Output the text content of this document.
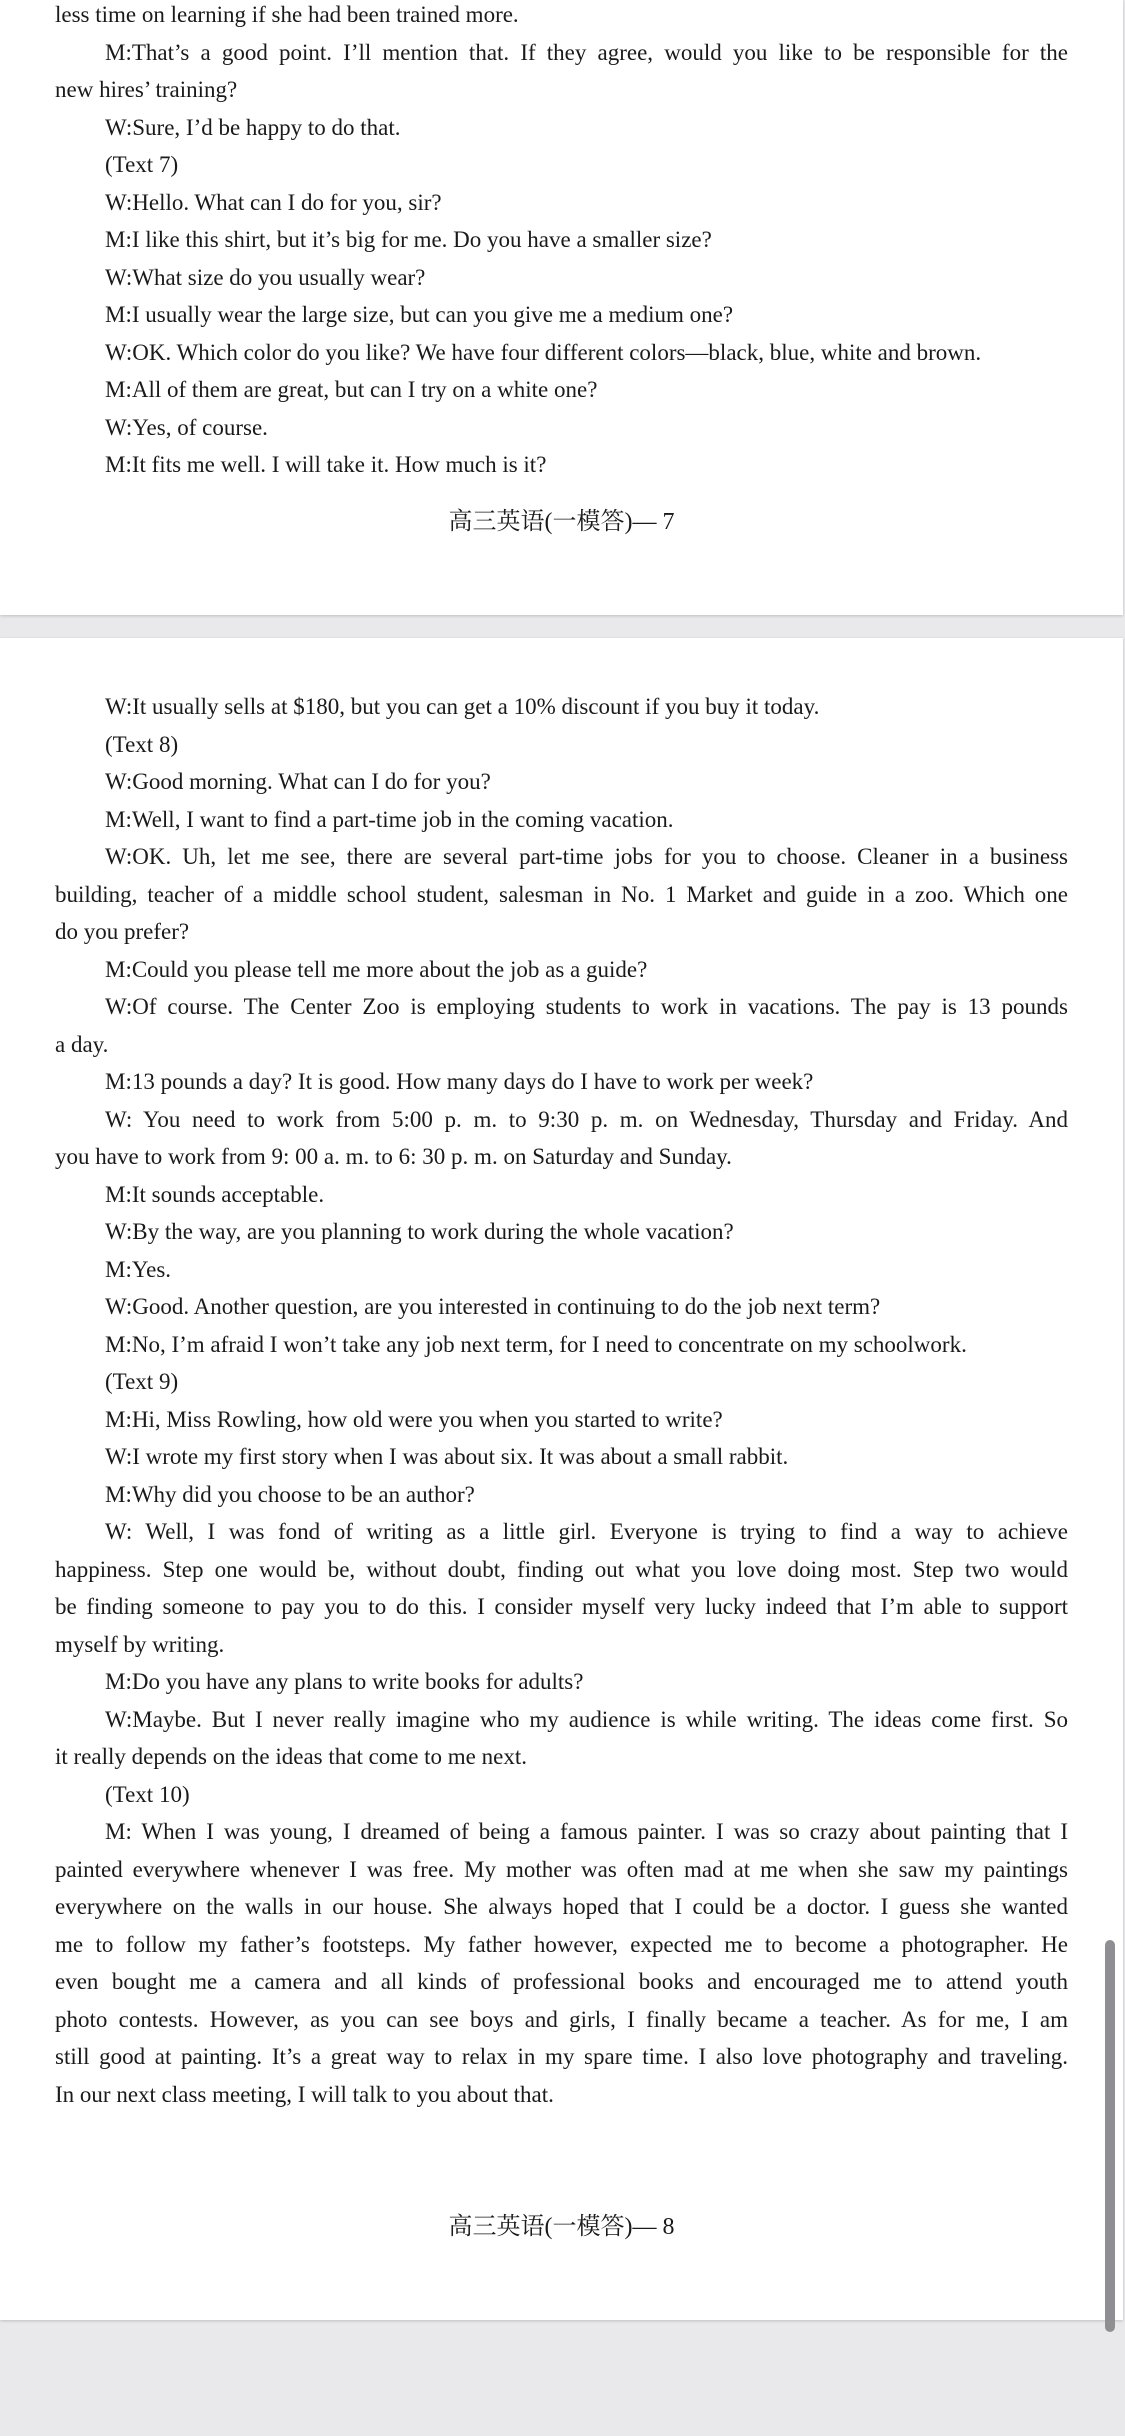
less time on learning if she had been trained more.
M:That’s a good point. I’ll mention that. If they agree, would you like to be responsible for the
new hires’ training?
W:Sure, I’d be happy to do that.
(Text 7)
W:Hello. What can I do for you, sir?
M:I like this shirt, but it’s big for me. Do you have a smaller size?
W:What size do you usually wear?
M:I usually wear the large size, but can you give me a medium one?
W:OK. Which color do you like? We have four different colors—black, blue, white and brown.
M:All of them are great, but can I try on a white one?
W:Yes, of course.
M:It fits me well. I will take it. How much is it?
高三英语(一模答)— 7
W:It usually sells at $180, but you can get a 10% discount if you buy it today.
(Text 8)
W:Good morning. What can I do for you?
M:Well, I want to find a part-time job in the coming vacation.
W:OK. Uh, let me see, there are several part-time jobs for you to choose. Cleaner in a business
building, teacher of a middle school student, salesman in No. 1 Market and guide in a zoo. Which one
do you prefer?
M:Could you please tell me more about the job as a guide?
W:Of course. The Center Zoo is employing students to work in vacations. The pay is 13 pounds
a day.
M:13 pounds a day? It is good. How many days do I have to work per week?
W: You need to work from 5:00 p. m. to 9:30 p. m. on Wednesday, Thursday and Friday. And
you have to work from 9: 00 a. m. to 6: 30 p. m. on Saturday and Sunday.
M:It sounds acceptable.
W:By the way, are you planning to work during the whole vacation?
M:Yes.
W:Good. Another question, are you interested in continuing to do the job next term?
M:No, I’m afraid I won’t take any job next term, for I need to concentrate on my schoolwork.
(Text 9)
M:Hi, Miss Rowling, how old were you when you started to write?
W:I wrote my first story when I was about six. It was about a small rabbit.
M:Why did you choose to be an author?
W: Well, I was fond of writing as a little girl. Everyone is trying to find a way to achieve
happiness. Step one would be, without doubt, finding out what you love doing most. Step two would
be finding someone to pay you to do this. I consider myself very lucky indeed that I’m able to support
myself by writing.
M:Do you have any plans to write books for adults?
W:Maybe. But I never really imagine who my audience is while writing. The ideas come first. So
it really depends on the ideas that come to me next.
(Text 10)
M: When I was young, I dreamed of being a famous painter. I was so crazy about painting that I
painted everywhere whenever I was free. My mother was often mad at me when she saw my paintings
everywhere on the walls in our house. She always hoped that I could be a doctor. I guess she wanted
me to follow my father’s footsteps. My father however, expected me to become a photographer. He
even bought me a camera and all kinds of professional books and encouraged me to attend youth
photo contests. However, as you can see boys and girls, I finally became a teacher. As for me, I am
still good at painting. It’s a great way to relax in my spare time. I also love photography and traveling.
In our next class meeting, I will talk to you about that.
高三英语(一模答)— 8
